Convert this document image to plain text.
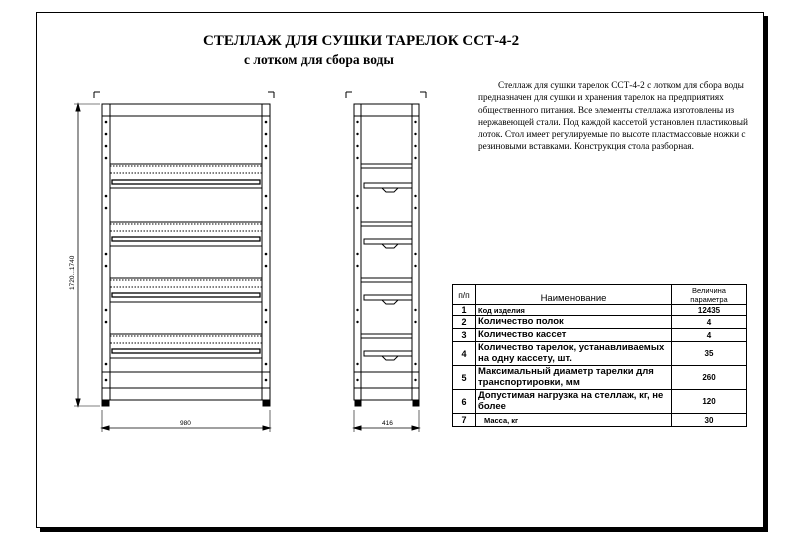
СТЕЛЛАЖ ДЛЯ СУШКИ ТАРЕЛОК ССТ-4-2
с лотком для сбора воды

Стеллаж для сушки тарелок ССТ-4-2 с лотком для сбора воды предназначен для сушки и хранения тарелок на предприятиях общественного питания. Все элементы стеллажа изготовлены из нержавеющей стали. Под каждой кассетой установлен пластиковый лоток. Стол имеет регулируемые по высоте пластмассовые ножки с резиновыми вставками. Конструкция стола разборная.

1720...1740
980	416
п/п	Наименование	Величина параметра
1	Код изделия	12435
2	Количество полок	4
3	Количество кассет	4
4	Количество тарелок, устанавливаемых на одну кассету, шт.	35
5	Максимальный диаметр тарелки для транспортировки, мм	260
6	Допустимая нагрузка на стеллаж, кг, не более	120
7	Масса, кг	30
